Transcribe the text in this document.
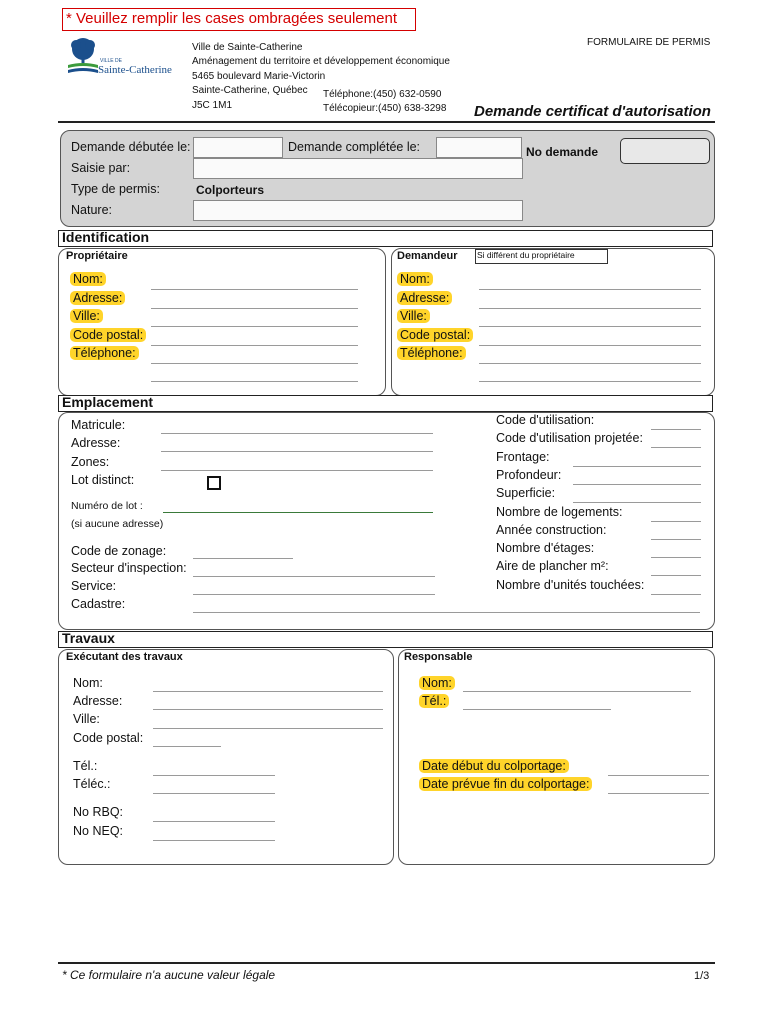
* Veuillez remplir les cases ombragées seulement
VILLE DE
Sainte-Catherine
Ville de Sainte-Catherine
Aménagement du territoire et développement économique
5465 boulevard Marie-Victorin
Sainte-Catherine, Québec
J5C 1M1
Téléphone:(450) 632-0590
Télécopieur:(450) 638-3298
FORMULAIRE DE PERMIS
Demande certificat d'autorisation
Demande débutée le:	Demande complétée le:	No demande
Saisie par:
Type de permis:	Colporteurs
Nature:
Identification
Propriétaire	Demandeur Si différent du propriétaire
Nom:	Nom:
Adresse:	Adresse:
Ville:	Ville:
Code postal:	Code postal:
Téléphone:	Téléphone:
Emplacement
Matricule:
Adresse:
Zones:
Lot distinct:
Code de zonage:
Secteur d'inspection:
Service:
Cadastre:
Code d'utilisation:
Code d'utilisation projetée:
Frontage:
Profondeur:
Superficie:
Nombre de logements:
Année construction:
Nombre d'étages:
Aire de plancher m²:
Nombre d'unités touchées:
Numéro de lot :
(si aucune adresse)
Travaux
Exécutant des travaux	Responsable
Nom:
Adresse:
Ville:
Code postal:
Tél.:
Téléc.:
No RBQ:
No NEQ:
Nom:
Tél.:
Date début du colportage:
Date prévue fin du colportage:
* Ce formulaire n'a aucune valeur légale	1/3
